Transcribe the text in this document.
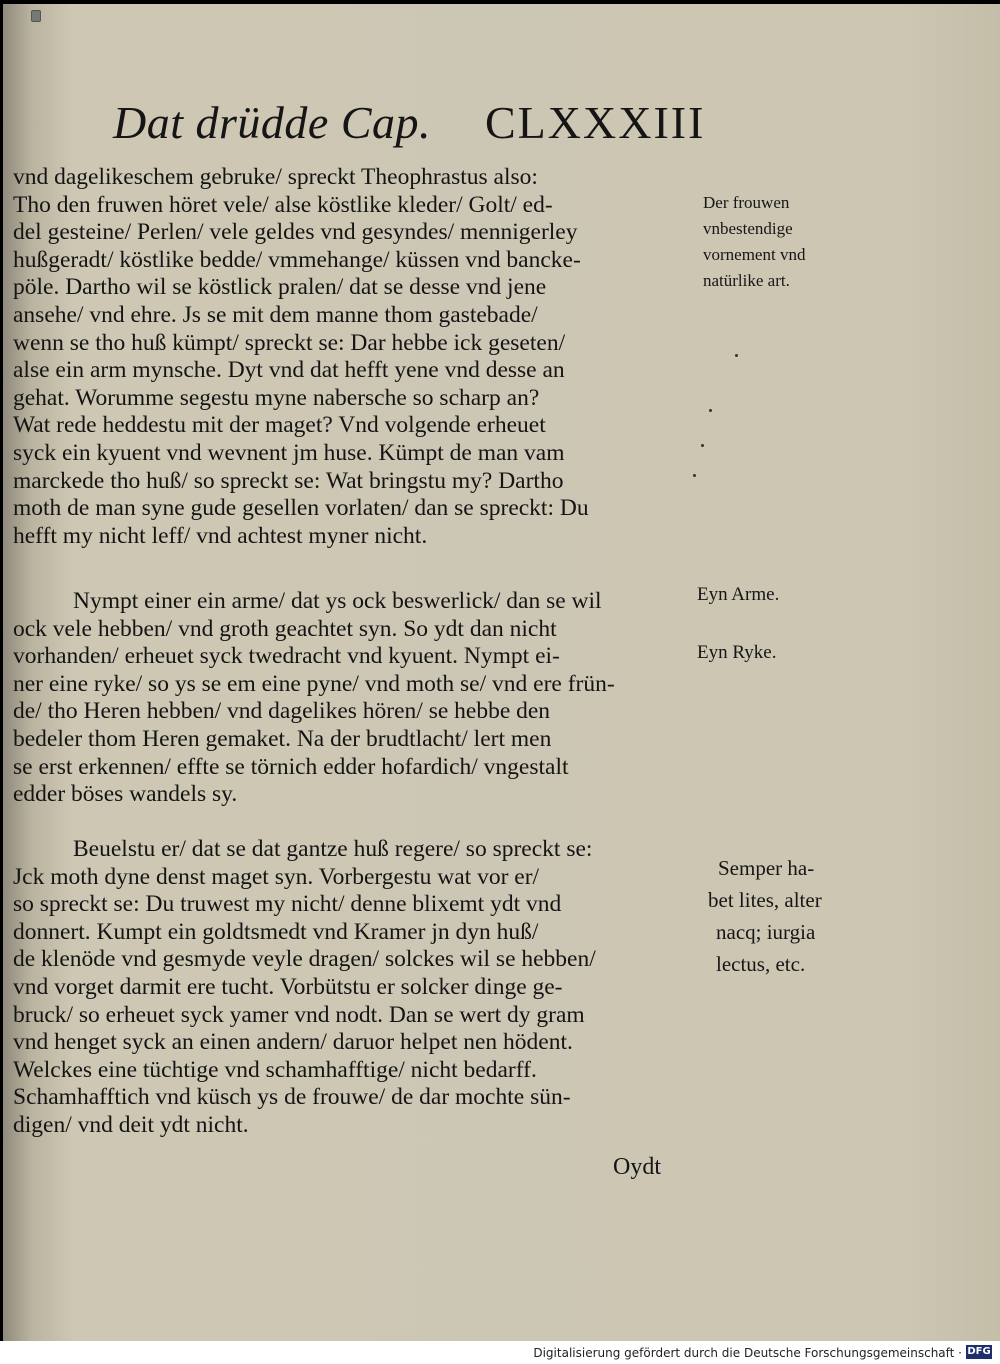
Dat drüdde Cap. CLXXXIII
vnd dagelikeschem gebruke/ spreckt Theophrastus also:
Tho den fruwen höret vele/ alse köstlike kleder/ Golt/ ed-
del gesteine/ Perlen/ vele geldes vnd gesyndes/ mennigerley
hußgeradt/ köstlike bedde/ vmmehange/ küssen vnd bancke-
pöle. Dartho wil se köstlick pralen/ dat se desse vnd jene
ansehe/ vnd ehre. Js se mit dem manne thom gastebade/
wenn se tho huß kümpt/ spreckt se: Dar hebbe ick geseten/
alse ein arm mynsche. Dyt vnd dat hefft yene vnd desse an
gehat. Worumme segestu myne naberschе so scharp an?
Wat rede heddestu mit der maget? Vnd volgende erheuet
syck ein kyuent vnd wevnent jm huse. Kümpt de man vam
marckede tho huß/ so spreckt se: Wat bringstu my? Dartho
moth de man syne gude gesellen vorlaten/ dan se spreckt: Du
hefft my nicht leff/ vnd achtest myner nicht.
Nympt einer ein arme/ dat ys ock beswerlick/ dan se wil
ock vele hebben/ vnd groth geachtet syn. So ydt dan nicht
vorhanden/ erheuet syck twedracht vnd kyuent. Nympt ei-
ner eine ryke/ so ys se em eine pyne/ vnd moth se/ vnd ere frün-
de/ tho Heren hebben/ vnd dagelikes hören/ se hebbe den
bedeler thom Heren gemaket. Na der brudtlacht/ lert men
se erst erkennen/ effte se törnich edder hofardich/ vngestalt
edder böses wandels sy.
Beuelstu er/ dat se dat gantze huß regere/ so spreckt se:
Jck moth dyne denst maget syn. Vorbergestu wat vor er/
so spreckt se: Du truwest my nicht/ denne blixemt ydt vnd
donnert. Kumpt ein goldtsmedt vnd Kramer jn dyn huß/
de klenöde vnd gesmyde veyle dragen/ solckes wil se hebben/
vnd vorget darmit ere tucht. Vorbütstu er solcker dinge ge-
bruck/ so erheuet syck yamer vnd nodt. Dan se wert dy gram
vnd henget syck an einen andern/ daruor helpet nen hödent.
Welckes eine tüchtige vnd schamhafftige/ nicht bedarff.
Schamhafftich vnd küsch ys de frouwe/ de dar mochte sün-
digen/ vnd deit ydt nicht.
Oydt
Der frouwen
vnbestendige
vornement vnd
natürlike art.
Eyn Arme.
Eyn Ryke.
Semper ha-
bet lites, alter
nacq; iurgia
lectus, etc.
Digitalisierung gefördert durch die Deutsche Forschungsgemeinschaft · DFG
